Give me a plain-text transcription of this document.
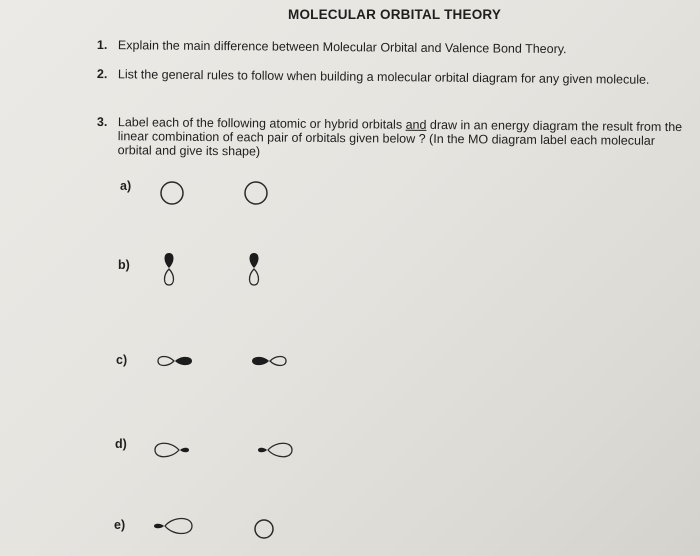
MOLECULAR ORBITAL THEORY
1. Explain the main difference between Molecular Orbital and Valence Bond Theory.
2. List the general rules to follow when building a molecular orbital diagram for any given molecule.
3. Label each of the following atomic or hybrid orbitals and draw in an energy diagram the result from the linear combination of each pair of orbitals given below ? (In the MO diagram label each molecular orbital and give its shape)
a)
b)
c)
d)
e)
